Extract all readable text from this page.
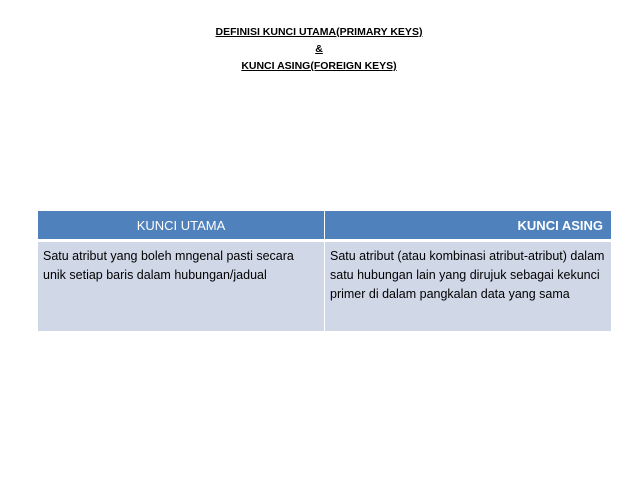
DEFINISI KUNCI UTAMA(PRIMARY KEYS)
&
KUNCI ASING(FOREIGN KEYS)
KUNCI UTAMA	KUNCI ASING
Satu atribut yang boleh mngenal pasti secara unik setiap baris dalam hubungan/jadual	Satu atribut (atau kombinasi atribut-atribut) dalam satu hubungan lain yang dirujuk sebagai kekunci primer di dalam pangkalan data yang sama
